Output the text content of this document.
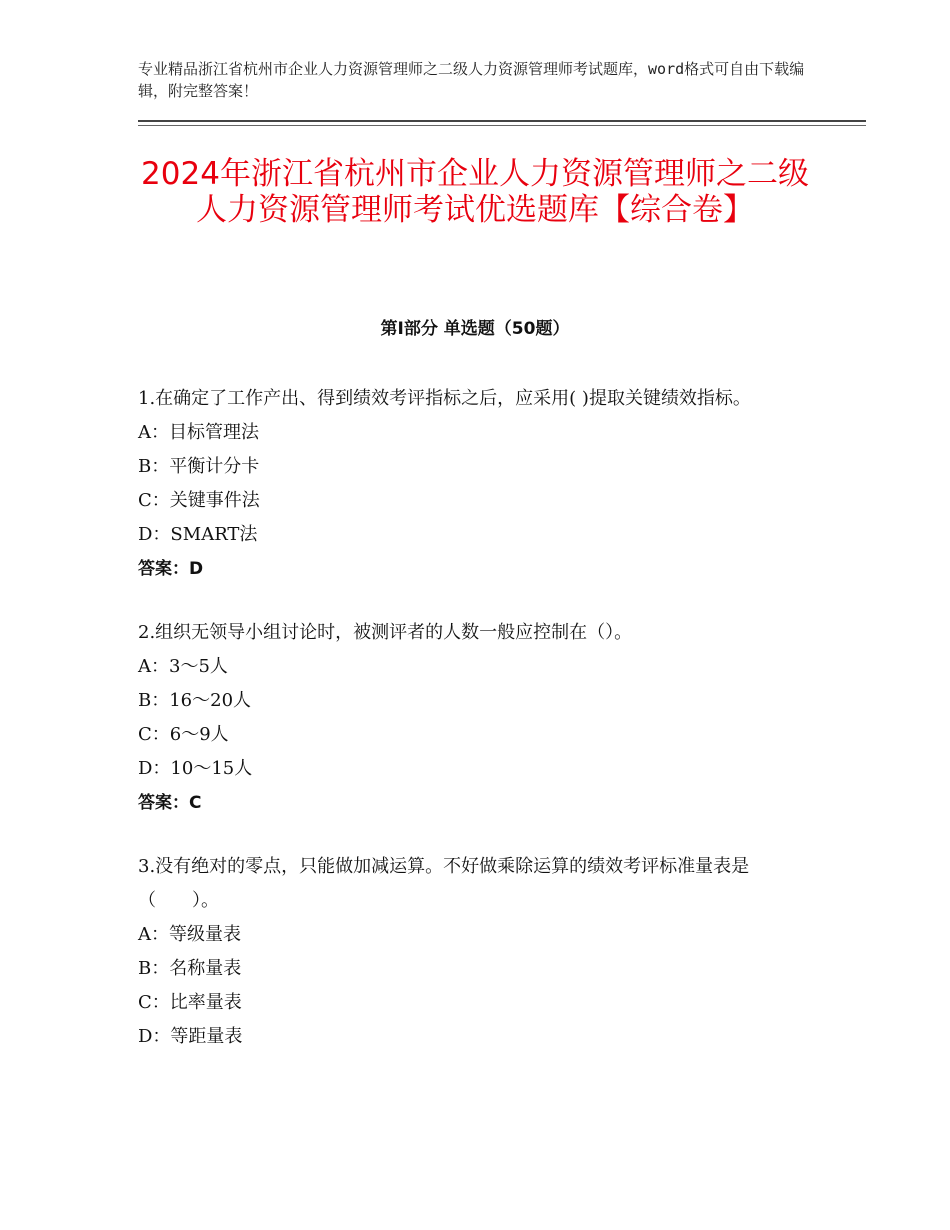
专业精品浙江省杭州市企业人力资源管理师之二级人力资源管理师考试题库，word格式可自由下载编辑，附完整答案！
2024年浙江省杭州市企业人力资源管理师之二级人力资源管理师考试优选题库【综合卷】
第Ⅰ部分 单选题（50题）

1.在确定了工作产出、得到绩效考评指标之后，应采用( )提取关键绩效指标。

A：目标管理法

B：平衡计分卡

C：关键事件法

D：SMART法

答案：D

2.组织无领导小组讨论时，被测评者的人数一般应控制在（）。

A：3～5人

B：16～20人

C：6～9人

D：10～15人

答案：C

3.没有绝对的零点，只能做加减运算。不好做乘除运算的绩效考评标准量表是（　　）。

A：等级量表

B：名称量表

C：比率量表

D：等距量表
